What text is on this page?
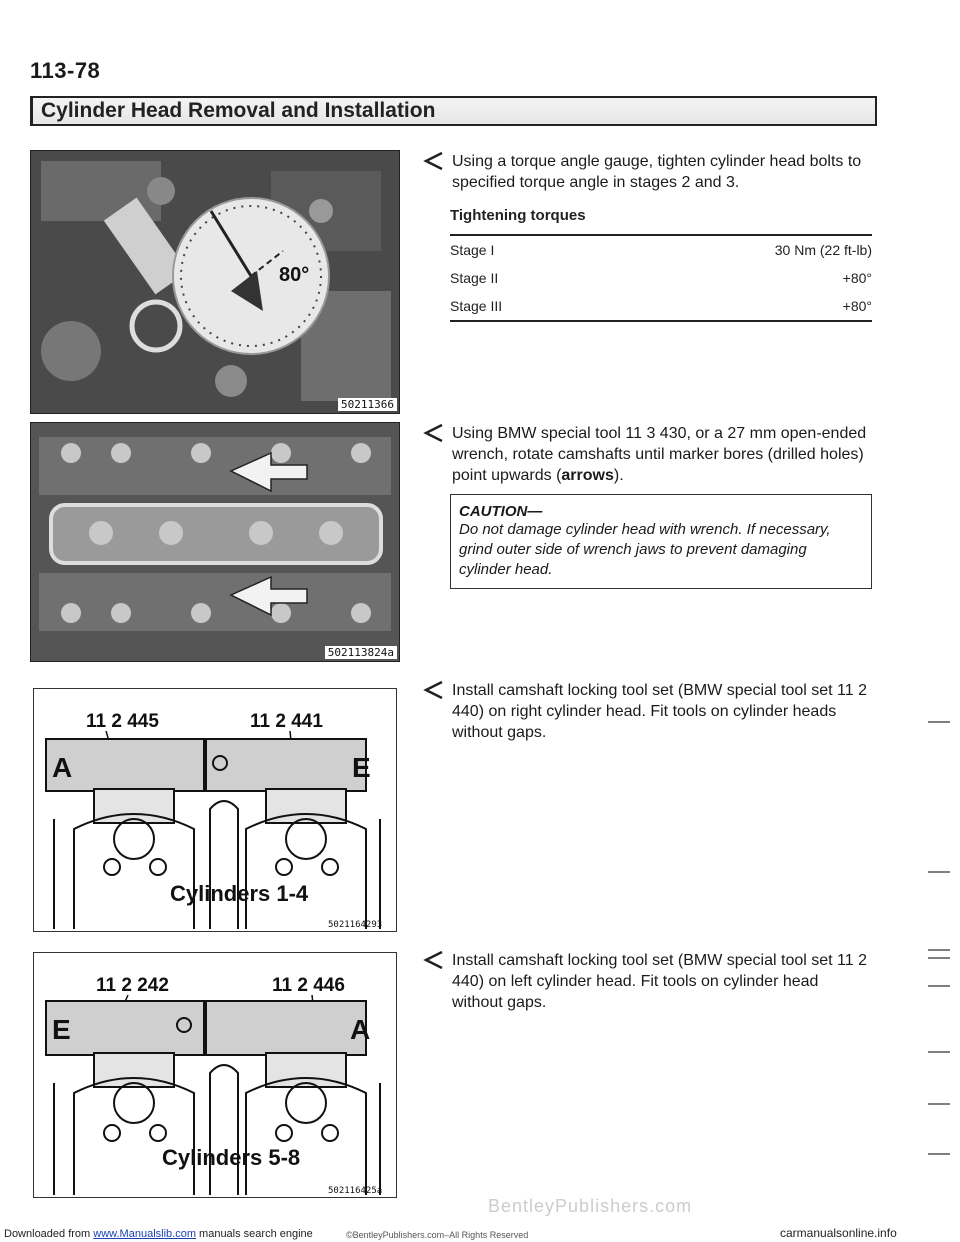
113-78
Cylinder Head Removal and Installation
80°
50211366
Using a torque angle gauge, tighten cylinder head bolts to specified torque angle in stages 2 and 3.
Tightening torques
Stage I	30 Nm (22 ft-lb)
Stage II	+80°
Stage III	+80°
502113824a
Using BMW special tool 11 3 430, or a 27 mm open-ended wrench, rotate camshafts until marker bores (drilled holes) point upwards (arrows).
CAUTION—
Do not damage cylinder head with wrench. If necessary, grind outer side of wrench jaws to prevent damaging cylinder head.
11 2 445	11 2 441
A	E
Cylinders 1-4
5021164293
Install camshaft locking tool set (BMW special tool set 11 2 440) on right cylinder head. Fit tools on cylinder heads without gaps.
11 2 242	11 2 446
E	A
Cylinders 5-8
502116425a
Install camshaft locking tool set (BMW special tool set 11 2 440) on left cylinder head. Fit tools on cylinder head without gaps.
BentleyPublishers.com
Downloaded from www.Manualslib.com manuals search engine	©BentleyPublishers.com–All Rights Reserved	carmanualsonline.info
